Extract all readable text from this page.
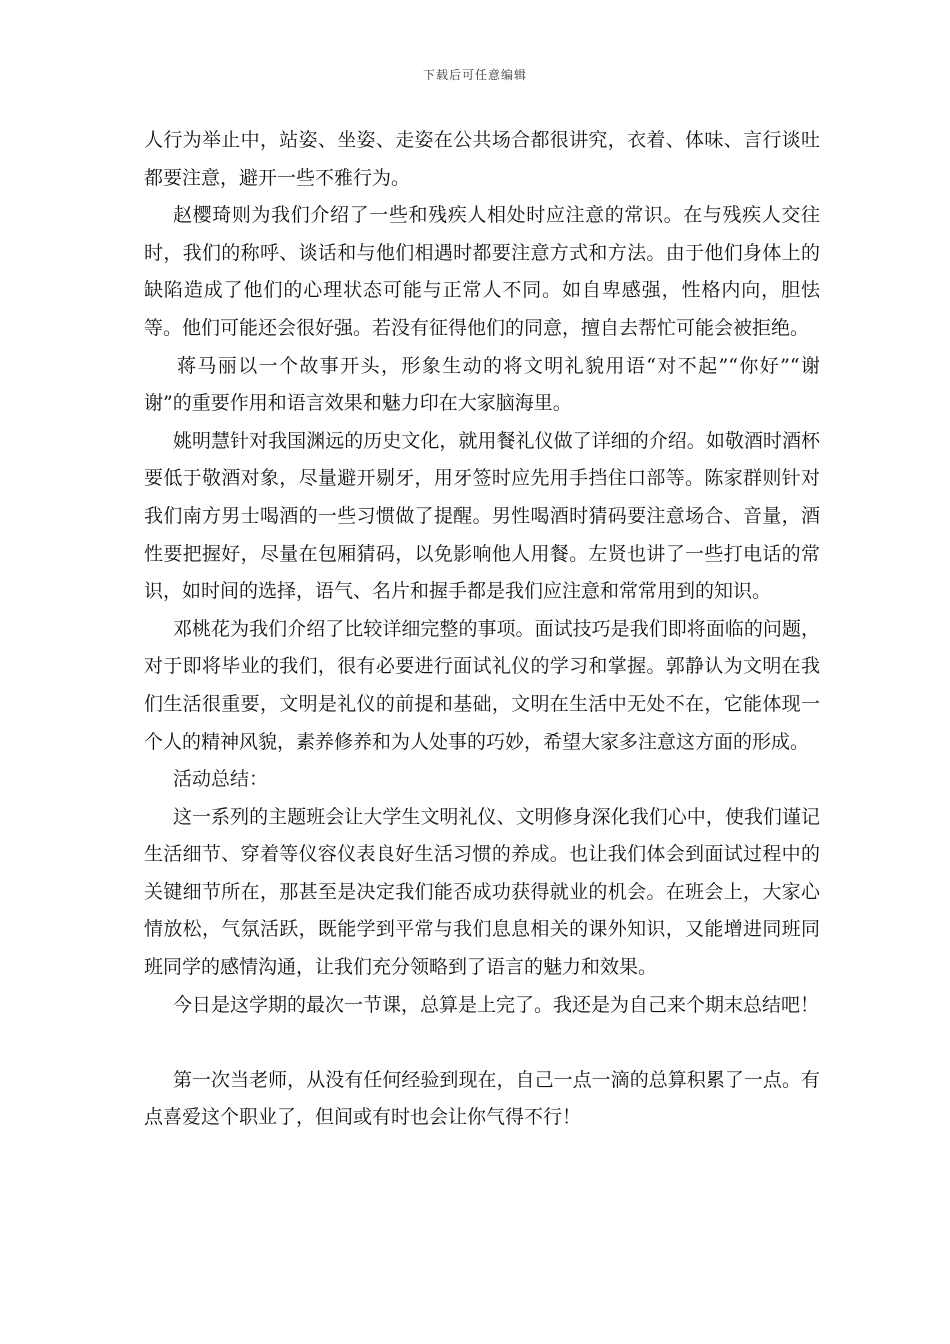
下载后可任意编辑

人行为举止中，站姿、坐姿、走姿在公共场合都很讲究，衣着、体味、言行谈吐都要注意，避开一些不雅行为。

赵樱琦则为我们介绍了一些和残疾人相处时应注意的常识。在与残疾人交往时，我们的称呼、谈话和与他们相遇时都要注意方式和方法。由于他们身体上的缺陷造成了他们的心理状态可能与正常人不同。如自卑感强，性格内向，胆怯等。他们可能还会很好强。若没有征得他们的同意，擅自去帮忙可能会被拒绝。

蒋马丽以一个故事开头，形象生动的将文明礼貌用语“对不起”“你好”“谢谢”的重要作用和语言效果和魅力印在大家脑海里。

姚明慧针对我国渊远的历史文化，就用餐礼仪做了详细的介绍。如敬酒时酒杯要低于敬酒对象，尽量避开剔牙，用牙签时应先用手挡住口部等。陈家群则针对我们南方男士喝酒的一些习惯做了提醒。男性喝酒时猜码要注意场合、音量，酒性要把握好，尽量在包厢猜码，以免影响他人用餐。左贤也讲了一些打电话的常识，如时间的选择，语气、名片和握手都是我们应注意和常常用到的知识。

邓桃花为我们介绍了比较详细完整的事项。面试技巧是我们即将面临的问题，对于即将毕业的我们，很有必要进行面试礼仪的学习和掌握。郭静认为文明在我们生活很重要，文明是礼仪的前提和基础，文明在生活中无处不在，它能体现一个人的精神风貌，素养修养和为人处事的巧妙，希望大家多注意这方面的形成。

活动总结：

这一系列的主题班会让大学生文明礼仪、文明修身深化我们心中，使我们谨记生活细节、穿着等仪容仪表良好生活习惯的养成。也让我们体会到面试过程中的关键细节所在，那甚至是决定我们能否成功获得就业的机会。在班会上，大家心情放松，气氛活跃，既能学到平常与我们息息相关的课外知识，又能增进同班同班同学的感情沟通，让我们充分领略到了语言的魅力和效果。

今日是这学期的最次一节课，总算是上完了。我还是为自己来个期末总结吧！

第一次当老师，从没有任何经验到现在，自己一点一滴的总算积累了一点。有点喜爱这个职业了，但间或有时也会让你气得不行！
